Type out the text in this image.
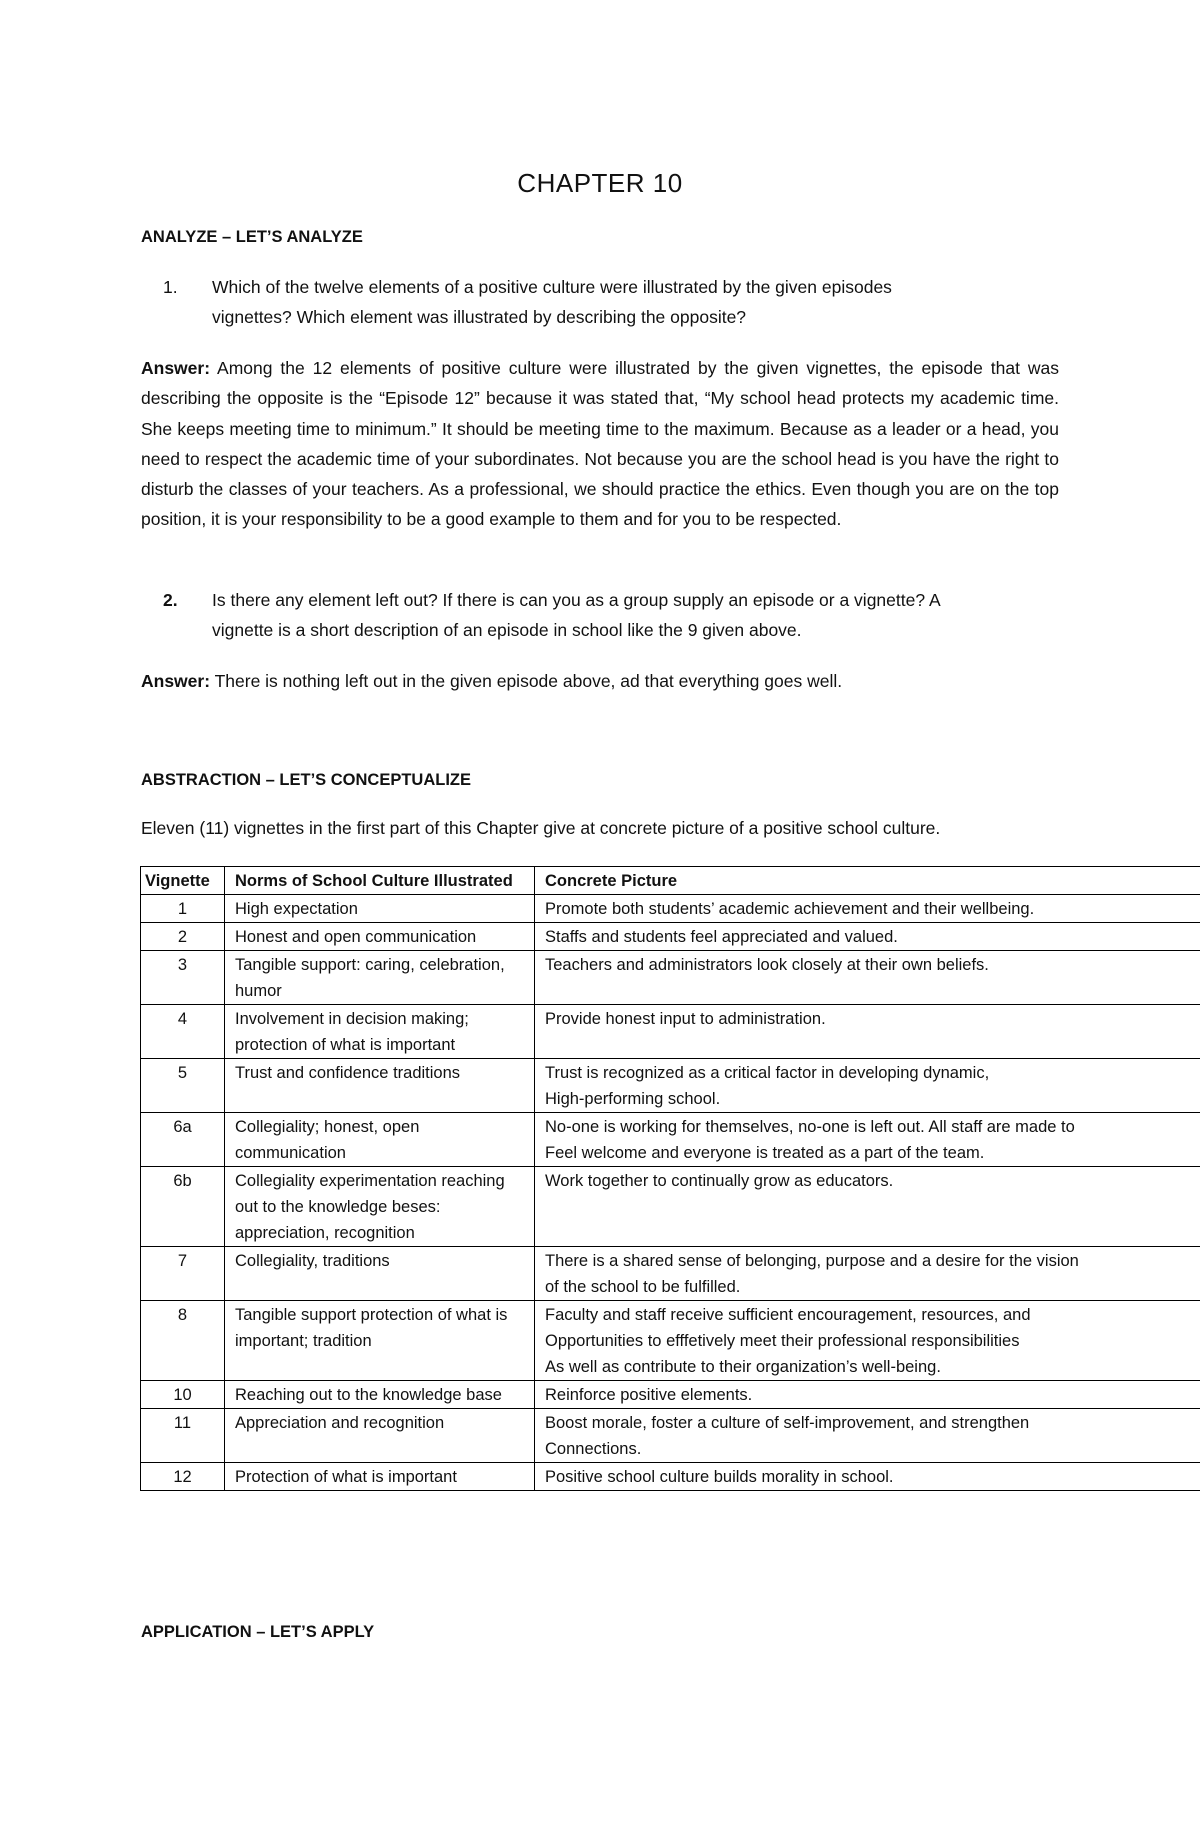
CHAPTER 10
ANALYZE – LET’S ANALYZE
1. Which of the twelve elements of a positive culture were illustrated by the given episodes
vignettes? Which element was illustrated by describing the opposite?
Answer: Among the 12 elements of positive culture were illustrated by the given vignettes, the episode that was describing the opposite is the “Episode 12” because it was stated that, “My school head protects my academic time. She keeps meeting time to minimum.” It should be meeting time to the maximum. Because as a leader or a head, you need to respect the academic time of your subordinates. Not because you are the school head is you have the right to disturb the classes of your teachers. As a professional, we should practice the ethics. Even though you are on the top position, it is your responsibility to be a good example to them and for you to be respected.
2. Is there any element left out? If there is can you as a group supply an episode or a vignette? A
vignette is a short description of an episode in school like the 9 given above.
Answer: There is nothing left out in the given episode above, ad that everything goes well.
ABSTRACTION – LET’S CONCEPTUALIZE
Eleven (11) vignettes in the first part of this Chapter give at concrete picture of a positive school culture.
Vignette	Norms of School Culture Illustrated	Concrete Picture
1	High expectation	Promote both students’ academic achievement and their wellbeing.

2	Honest and open communication	Staffs and students feel appreciated and valued.

3	Tangible support: caring, celebration, humor	Teachers and administrators look closely at their own beliefs.

4	Involvement in decision making; protection of what is important	Provide honest input to administration.

5	Trust and confidence traditions	Trust is recognized as a critical factor in developing dynamic,
High-performing school.

6a	Collegiality; honest, open communication	No-one is working for themselves, no-one is left out. All staff are made to
Feel welcome and everyone is treated as a part of the team.

6b	Collegiality experimentation reaching out to the knowledge beses: appreciation, recognition	Work together to continually grow as educators.

7	Collegiality, traditions	There is a shared sense of belonging, purpose and a desire for the vision
of the school to be fulfilled.

8	Tangible support protection of what is important; tradition	Faculty and staff receive sufficient encouragement, resources, and
Opportunities to efffetively meet their professional responsibilities
As well as contribute to their organization’s well-being.

10	Reaching out to the knowledge base	Reinforce positive elements.

11	Appreciation and recognition	Boost morale, foster a culture of self-improvement, and strengthen
Connections.

12	Protection of what is important	Positive school culture builds morality in school.
APPLICATION – LET’S APPLY
